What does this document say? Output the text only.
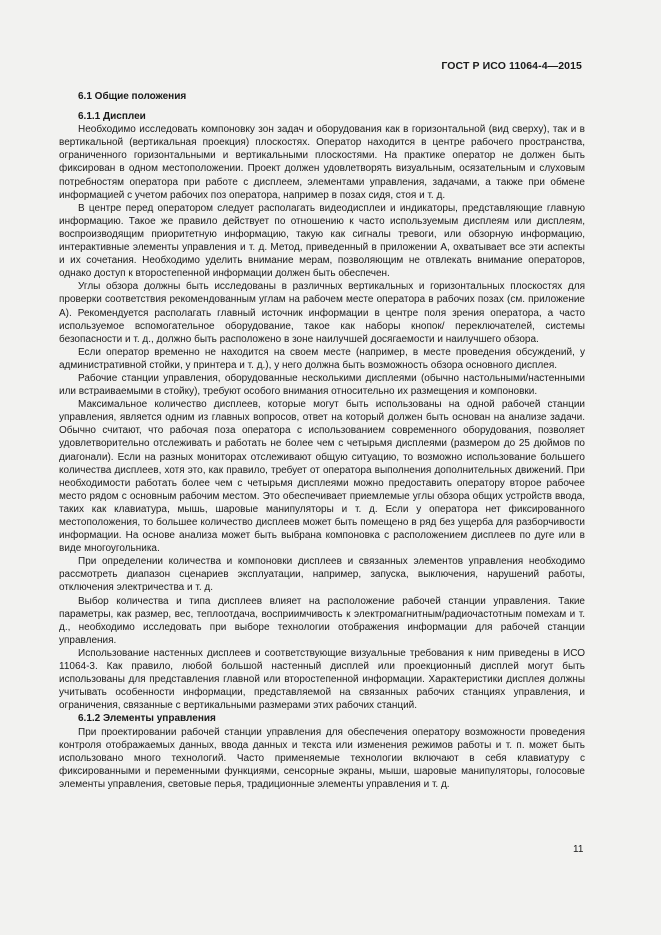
ГОСТ Р ИСО 11064-4—2015
6.1 Общие положения
6.1.1 Дисплеи

Необходимо исследовать компоновку зон задач и оборудования как в горизонтальной (вид сверху), так и в вертикальной (вертикальная проекция) плоскостях. Оператор находится в центре рабочего пространства, ограниченного горизонтальными и вертикальными плоскостями. На практике оператор не должен быть фиксирован в одном местоположении. Проект должен удовлетворять визуальным, осязательным и слуховым потребностям оператора при работе с дисплеем, элементами управления, задачами, а также при обмене информацией с учетом рабочих поз оператора, например в позах сидя, стоя и т. д.

В центре перед оператором следует располагать видеодисплеи и индикаторы, представляющие главную информацию. Такое же правило действует по отношению к часто используемым дисплеям или дисплеям, воспроизводящим приоритетную информацию, такую как сигналы тревоги, или обзорную информацию, интерактивные элементы управления и т. д. Метод, приведенный в приложении А, охватывает все эти аспекты и их сочетания. Необходимо уделить внимание мерам, позволяющим не отвлекать внимание операторов, однако доступ к второстепенной информации должен быть обеспечен.

Углы обзора должны быть исследованы в различных вертикальных и горизонтальных плоскостях для проверки соответствия рекомендованным углам на рабочем месте оператора в рабочих позах (см. приложение А). Рекомендуется располагать главный источник информации в центре поля зрения оператора, а часто используемое вспомогательное оборудование, такое как наборы кнопок/ переключателей, системы безопасности и т. д., должно быть расположено в зоне наилучшей досягаемости и наилучшего обзора.

Если оператор временно не находится на своем месте (например, в месте проведения обсуждений, у административной стойки, у принтера и т. д.), у него должна быть возможность обзора основного дисплея.

Рабочие станции управления, оборудованные несколькими дисплеями (обычно настольными/настенными или встраиваемыми в стойку), требуют особого внимания относительно их размещения и компоновки.

Максимальное количество дисплеев, которые могут быть использованы на одной рабочей станции управления, является одним из главных вопросов, ответ на который должен быть основан на анализе задачи. Обычно считают, что рабочая поза оператора с использованием современного оборудования, позволяет удовлетворительно отслеживать и работать не более чем с четырьмя дисплеями (размером до 25 дюймов по диагонали). Если на разных мониторах отслеживают общую ситуацию, то возможно использование большего количества дисплеев, хотя это, как правило, требует от оператора выполнения дополнительных движений. При необходимости работать более чем с четырьмя дисплеями можно предоставить оператору второе рабочее место рядом с основным рабочим местом. Это обеспечивает приемлемые углы обзора общих устройств ввода, таких как клавиатура, мышь, шаровые манипуляторы и т. д. Если у оператора нет фиксированного местоположения, то большее количество дисплеев может быть помещено в ряд без ущерба для разборчивости информации. На основе анализа может быть выбрана компоновка с расположением дисплеев по дуге или в виде многоугольника.

При определении количества и компоновки дисплеев и связанных элементов управления необходимо рассмотреть диапазон сценариев эксплуатации, например, запуска, выключения, нарушений работы, отключения электричества и т. д.

Выбор количества и типа дисплеев влияет на расположение рабочей станции управления. Такие параметры, как размер, вес, теплоотдача, восприимчивость к электромагнитным/радиочастотным помехам и т. д., необходимо исследовать при выборе технологии отображения информации для рабочей станции управления.

Использование настенных дисплеев и соответствующие визуальные требования к ним приведены в ИСО 11064-3. Как правило, любой большой настенный дисплей или проекционный дисплей могут быть использованы для представления главной или второстепенной информации. Характеристики дисплея должны учитывать особенности информации, представляемой на связанных рабочих станциях управления, и ограничения, связанные с вертикальными размерами этих рабочих станций.

6.1.2 Элементы управления

При проектировании рабочей станции управления для обеспечения оператору возможности проведения контроля отображаемых данных, ввода данных и текста или изменения режимов работы и т. п. может быть использовано много технологий. Часто применяемые технологии включают в себя клавиатуру с фиксированными и переменными функциями, сенсорные экраны, мыши, шаровые манипуляторы, голосовые элементы управления, световые перья, традиционные элементы управления и т. д.

11
